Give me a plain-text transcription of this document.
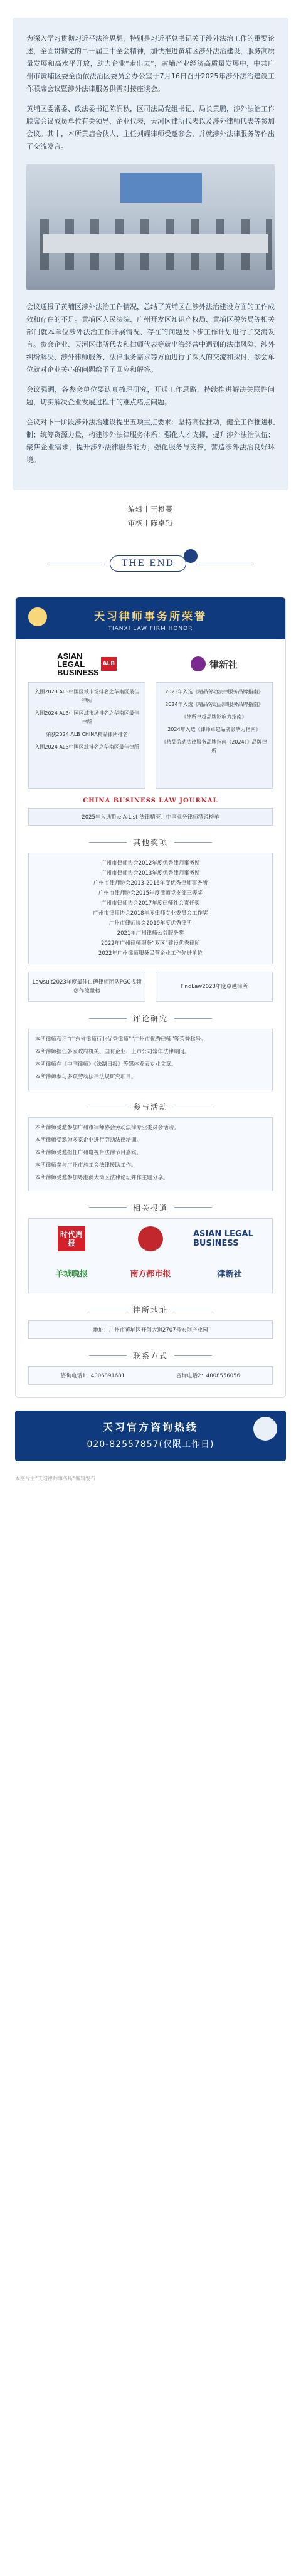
为深入学习贯彻习近平法治思想，特别是习近平总书记关于涉外法治工作的重要论述，全面贯彻党的二十届三中全会精神，加快推进黄埔区涉外法治建设，服务高质量发展和高水平开放，助力企业“走出去”，黄埔产业经济高质量发展中，中共广州市黄埔区委全面依法治区委员会办公室于7月16日召开2025年涉外法治建设工作联席会议暨涉外法律服务供需对接座谈会。

黄埔区委常委、政法委书记陈润秋，区司法局党组书记、局长黄鹏，涉外法治工作联席会议成员单位有关领导、企业代表，天河区律所代表以及涉外律师代表等参加会议。其中，本所黄启合伙人、主任刘耀律师受邀参会，并就涉外法律服务等作出了交流发言。

会议通报了黄埔区涉外法治工作情况，总结了黄埔区在涉外法治建设方面的工作成效和存在的不足。黄埔区人民法院、广州开发区知识产权局、黄埔区税务局等相关部门就本单位涉外法治工作开展情况、存在的问题及下步工作计划进行了交流发言。参会企业、天河区律所代表和律师代表等就出海经营中遇到的法律风险、涉外纠纷解决、涉外律师服务、法律服务需求等方面进行了深入的交流和探讨，参会单位就对企业关心的问题给予了回应和解答。

会议强调，各参会单位要认真梳理研究，开通工作思路，持续推进解决关联性问题，切实解决企业发展过程中的难点堵点问题。

会议对下一阶段涉外法治建设提出五项重点要求：坚持高位推动，健全工作推进机制；统筹资源力量，构建涉外法律服务体系；强化人才支撑，提升涉外法治队伍；聚焦企业需求，提升涉外法律服务能力；强化服务与支撑，营造涉外法治良好环境。

编辑丨王橙蔓
审核丨陈卓铅
THE END
天习律师事务所荣誉
TIANXI LAW FIRM HONOR
ASIAN
LEGAL
BUSINESS
ALB

入围2023 ALB中国区域市场排名之华南区最佳律所

入围2024 ALB中国区域市场排名之华南区最佳律所

荣获2024 ALB CHINA精品律所排名

入围2024 ALB中国区域排名之华南区最佳律所

律新社

2023年入选《精品劳动法律服务品牌指南》

2024年入选《精品劳动法律服务品牌指南》

《律所卓越品牌影响力指南》

2024年入选《律师卓越品牌影响力指南》

《精品劳动法律服务品牌指南（2024）》品牌律所

CHINA BUSINESS LAW JOURNAL
2025年入选The A-List 法律精英：中国业务律师精锐榜单
其他奖项
广州市律师协会2012年度优秀律师事务所
广州市律师协会2013年度优秀律师事务所
广州市律师协会2013-2016年度优秀律师事务所
广州市律师协会2015年度律师党支部三等奖
广州市律师协会2017年度律师社会责任奖
广州市律师协会2018年度律师专业委员会工作奖
广州市律师协会2019年度优秀律所
2021年广州律师公益服务奖
2022年广州律师服务“双区”建设优秀律所
2022年广州律师服务民营企业工作先进单位
Lawsuit2023年度最佳口碑律师团队PGC视频创作流量榜
FindLaw2023年度卓越律所
评论研究

本所律师获评“广东省律师行业优秀律师”“广州市优秀律师”等荣誉称号。

本所律师担任多家政府机关、国有企业、上市公司常年法律顾问。

本所律师在《中国律师》《法制日报》等媒体发表专业文章。

本所律师参与多项劳动法律法规研究项目。

参与活动

本所律师受邀参加广州市律师协会劳动法律专业委员会活动。

本所律师受邀为多家企业进行劳动法律培训。

本所律师受邀担任广州电视台法律节目嘉宾。

本所律师参与广州市总工会法律援助工作。

本所律师受邀参加粤港澳大湾区法律论坛并作主题分享。

相关报道
时代周报
ASIAN LEGAL BUSINESS
羊城晚报	南方都市报	律新社
律所地址
地址：广州市黄埔区开创大道2707号宏创产业园
联系方式
咨询电话1：4006891681	咨询电话2：4008556056
天习官方咨询热线
020-82557857(仅限工作日)
本图片由“天习律师事务所”编辑发布
